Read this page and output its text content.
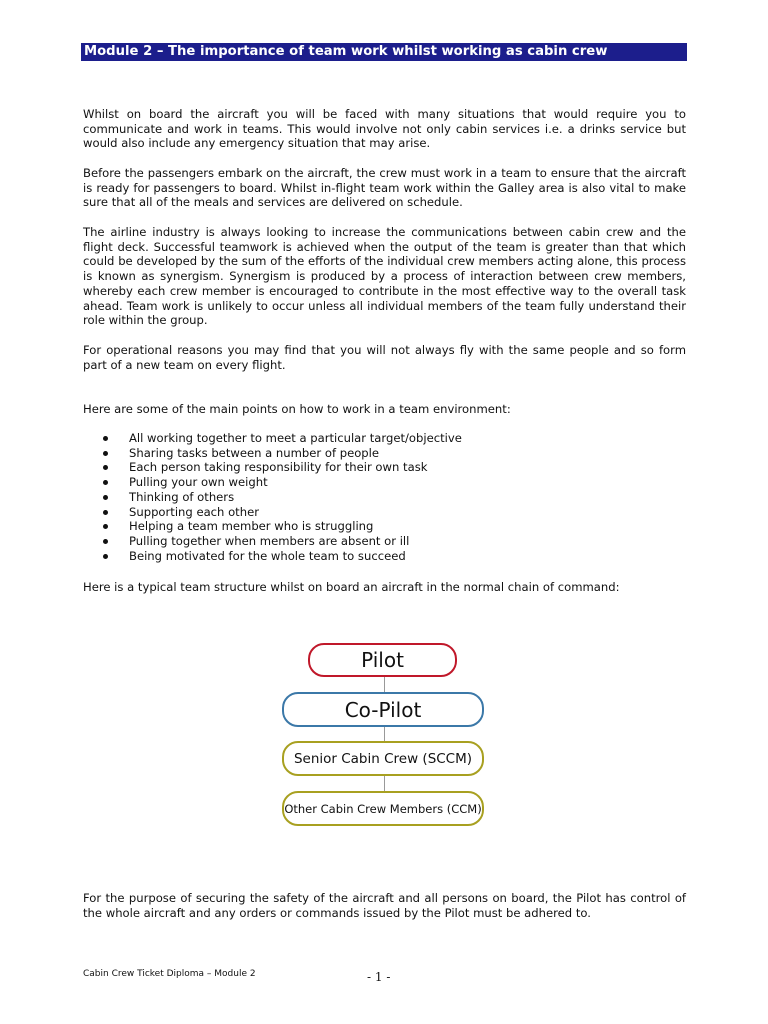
Module 2 – The importance of team work whilst working as cabin crew

Whilst on board the aircraft you will be faced with many situations that would require you to communicate and work in teams. This would involve not only cabin services i.e. a drinks service but would also include any emergency situation that may arise.

Before the passengers embark on the aircraft, the crew must work in a team to ensure that the aircraft is ready for passengers to board. Whilst in-flight team work within the Galley area is also vital to make sure that all of the meals and services are delivered on schedule.

The airline industry is always looking to increase the communications between cabin crew and the flight deck. Successful teamwork is achieved when the output of the team is greater than that which could be developed by the sum of the efforts of the individual crew members acting alone, this process is known as synergism. Synergism is produced by a process of interaction between crew members, whereby each crew member is encouraged to contribute in the most effective way to the overall task ahead. Team work is unlikely to occur unless all individual members of the team fully understand their role within the group.

For operational reasons you may find that you will not always fly with the same people and so form part of a new team on every flight.

Here are some of the main points on how to work in a team environment:

All working together to meet a particular target/objective
Sharing tasks between a number of people
Each person taking responsibility for their own task
Pulling your own weight
Thinking of others
Supporting each other
Helping a team member who is struggling
Pulling together when members are absent or ill
Being motivated for the whole team to succeed

Here is a typical team structure whilst on board an aircraft in the normal chain of command:

Pilot
Co-Pilot
Senior Cabin Crew (SCCM)
Other Cabin Crew Members (CCM)

For the purpose of securing the safety of the aircraft and all persons on board, the Pilot has control of the whole aircraft and any orders or commands issued by the Pilot must be adhered to.

Cabin Crew Ticket Diploma – Module 2	- 1 -
